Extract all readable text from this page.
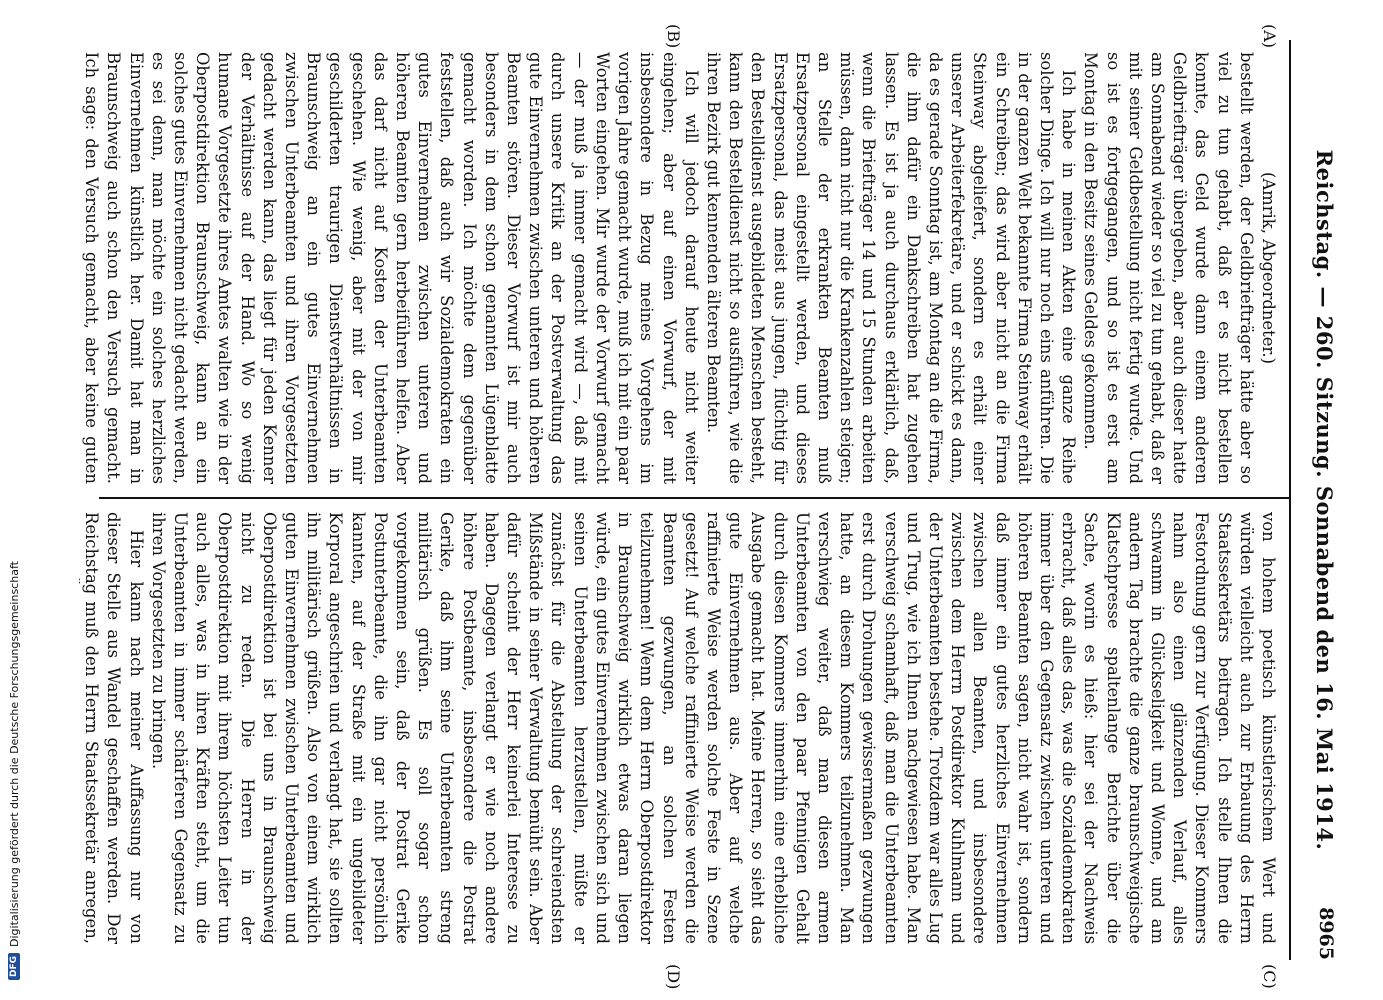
Reichstag. — 260. Sitzung. Sonnabend den 16. Mai 1914.
8965
(A)
(B)
(C)
(D)

(Amrik, Abgeordneter.)

bestellt werden, der Geldbriefträger hätte aber so viel zu tun gehabt, daß er es nicht bestellen konnte, das Geld wurde dann einem anderen Geldbriefträger übergeben, aber auch dieser hatte am Sonnabend wieder so viel zu tun gehabt, daß er mit seiner Geldbestellung nicht fertig wurde. Und so ist es fortgegangen, und so ist es erst am Montag in den Besitz seines Geldes gekommen.

Ich habe in meinen Akten eine ganze Reihe solcher Dinge. Ich will nur noch eins anführen. Die in der ganzen Welt bekannte Firma Steinway erhält ein Schreiben; das wird aber nicht an die Firma Steinway abgeliefert, sondern es erhält einer unserer Arbeiterfekretäre, und er schickt es dann, da es gerade Sonntag ist, am Montag an die Firma, die ihm dafür ein Dankschreiben hat zugehen lassen. Es ist ja auch durchaus erklärlich, daß, wenn die Briefträger 14 und 15 Stunden arbeiten müssen, dann nicht nur die Krankenzahlen steigen; an Stelle der erkrankten Beamten muß Ersatzpersonal eingestellt werden, und dieses Ersatzpersonal, das meist aus jungen, flüchtig für den Bestelldienst ausgebildeten Menschen besteht, kann den Bestelldienst nicht so ausführen, wie die ihren Bezirk gut kennenden älteren Beamten.

Ich will jedoch darauf heute nicht weiter eingehen; aber auf einen Vorwurf, der mit insbesondere in Bezug meines Vorgehens im vorigen Jahre gemacht wurde, muß ich mit ein paar Worten eingehen. Mir wurde der Vorwurf gemacht — der muß ja immer gemacht wird —, daß mit durch unsere Kritik an der Postverwaltung das gute Einvernehmen zwischen unteren und höheren Beamten stören. Dieser Vorwurf ist mir auch besonders in dem schon genannten Lügenblatte gemacht worden. Ich möchte dem gegenüber feststellen, daß auch wir Sozialdemokraten ein gutes Einvernehmen zwischen unteren und höheren Beamten gern herbeiführen helfen. Aber das darf nicht auf Kosten der Unterbeamten geschehen. Wie wenig, aber mit der von mir geschilderten traurigen Dienstverhältnissen in Braunschweig an ein gutes Einvernehmen zwischen Unterbeamten und ihren Vorgesetzten gedacht werden kann, das liegt für jeden Kenner der Verhältnisse auf der Hand. Wo so wenig humane Vorgesetzte ihres Amtes walten wie in der Oberpostdirektion Braunschweig, kann an ein solches gutes Einvernehmen nicht gedacht werden, es sei denn, man möchte ein solches herzliches Einvernehmen künstlich her. Damit hat man in Braunschweig auch schon den Versuch gemacht. Ich sage: den Versuch gemacht, aber keine guten

von hohem poetisch künstlerischem Wert und würden vielleicht auch zur Erbauung des Herrn Staatssekretärs beitragen. Ich stelle Ihnen die Festordnung gern zur Verfügung. Dieser Kommers nahm also einen glänzenden Verlauf, alles schwamm in Glückseligkeit und Wonne, und am andern Tag brachte die ganze braunschweigische Klatschpresse spaltenlange Berichte über die Sache, worin es hieß: hier sei der Nachweis erbracht, daß alles das, was die Sozialdemokraten immer über den Gegensatz zwischen unteren und höheren Beamten sagen, nicht wahr ist, sondern daß immer ein gutes herzliches Einvernehmen zwischen allen Beamten, und insbesondere zwischen dem Herrn Postdirektor Kuhlmann und der Unterbeamten bestehe. Trotzdem war alles Lug und Trug, wie ich Ihnen nachgewiesen habe. Man verschweig schamhaft, daß man die Unterbeamten erst durch Drohungen gewissermaßen gezwungen hatte, an diesem Kommers teilzunehmen. Man verschwieg weiter, daß man diesen armen Unterbeamten von den paar Pfennigen Gehalt durch diesen Kommers immerhin eine erhebliche Ausgabe gemacht hat. Meine Herren, so sieht das gute Einvernehmen aus. Aber auf welche raffinierte Weise werden solche Feste in Szene gesetzt! Auf welche raffinierte Weise werden die Beamten gezwungen, an solchen Festen teilzunehmen! Wenn dem Herrn Oberpostdirektor in Braunschweig wirklich etwas daran liegen würde, ein gutes Einvernehmen zwischen sich und seinen Unterbeamten herzustellen, müßte er zunächst für die Abstellung der schreiendsten Mißstände in seiner Verwaltung bemüht sein. Aber dafür scheint der Herr keinerlei Interesse zu haben. Dagegen verlangt er wie noch andere höhere Postbeamte, insbesondere die Postrat Gerike, daß ihm seine Unterbeamten streng militärisch grüßen. Es soll sogar schon vorgekommen sein, daß der Postrat Gerike Postunterbeamte, die ihn gar nicht persönlich kannten, auf der Straße mit ein ungebildeter Korporal angeschrien und verlangt hat, sie sollten ihn militärisch grüßen. Also von einem wirklich guten Einvernehmen zwischen Unterbeamten und Oberpostdirektion ist bei uns in Braunschweig nicht zu reden. Die Herren in der Oberpostdirektion mit ihrem höchsten Leiter tun auch alles, was in ihren Kräften steht, um die Unterbeamten in immer schärferen Gegensatz zu ihren Vorgesetzten zu bringen.

Hier kann nach meiner Auffassung nur von dieser Stelle aus Wandel geschaffen werden. Der Reichstag muß den Herrn Staatssekretär anregen,

DFG
Digitalisierung gefördert durch die Deutsche Forschungsgemeinschaft
